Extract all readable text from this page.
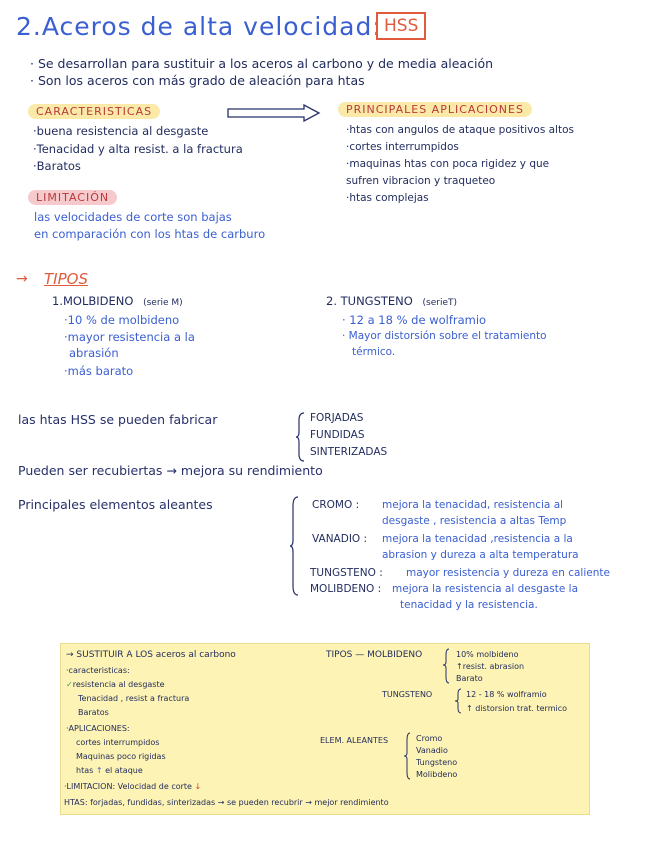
2.Aceros de alta velocidad: HSS
· Se desarrollan para sustituir a los aceros al carbono y de media aleación
· Son los aceros con más grado de aleación para htas
CARACTERISTICAS
·buena resistencia al desgaste
·Tenacidad y alta resist. a la fractura
·Baratos
PRINCIPALES APLICACIONES
·htas con angulos de ataque positivos altos
·cortes interrumpidos
·maquinas htas con poca rigidez y que
sufren vibracion y traqueteo
·htas complejas
LIMITACIÓN
las velocidades de corte son bajas
en comparación con los htas de carburo
→ TIPOS
1.MOLBIDENO (serie M)
·10 % de molbideno
·mayor resistencia a la
abrasión
·más barato
2. TUNGSTENO (serieT)
· 12 a 18 % de wolframio
· Mayor distorsión sobre el tratamiento
térmico.
las htas HSS se pueden fabricar	FORJADAS
FUNDIDAS
SINTERIZADAS
Pueden ser recubiertas → mejora su rendimiento
Principales elementos aleantes	CROMO : mejora la tenacidad, resistencia al
desgaste , resistencia a altas Temp
VANADIO : mejora la tenacidad ,resistencia a la
abrasion y dureza a alta temperatura
TUNGSTENO : mayor resistencia y dureza en caliente
MOLIBDENO : mejora la resistencia al desgaste la
tenacidad y la resistencia.
→ SUSTITUIR A LOS aceros al carbono
·caracteristicas:
✓resistencia al desgaste
Tenacidad , resist a fractura
Baratos
·APLICACIONES:
cortes interrumpidos
Maquinas poco rigidas
htas ↑ el ataque
·LIMITACION: Velocidad de corte ↓
HTAS: forjadas, fundidas, sinterizadas → se pueden recubrir → mejor rendimiento
TIPOS — MOLBIDENO	10% molbideno
↑resist. abrasion
Barato
TUNGSTENO	12 - 18 % wolframio
↑ distorsion trat. termico
ELEM. ALEANTES	Cromo
Vanadio
Tungsteno
Molibdeno
